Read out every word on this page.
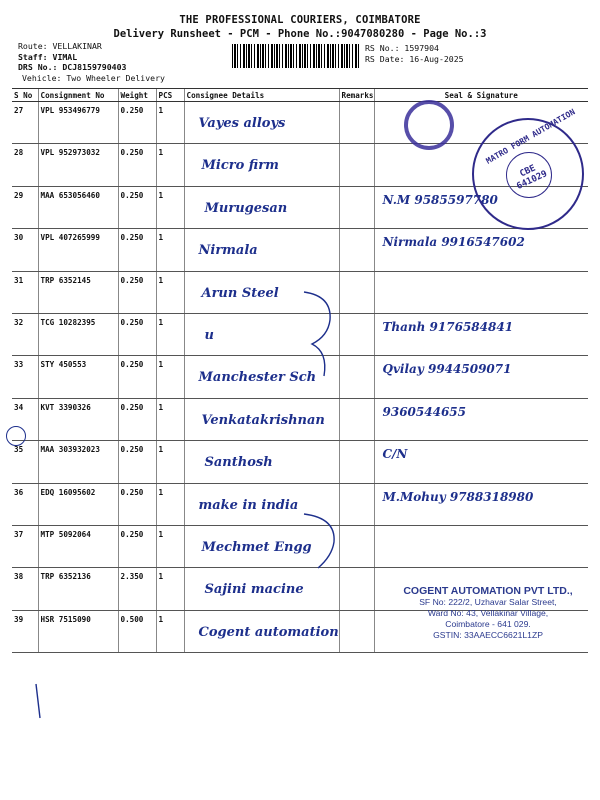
THE PROFESSIONAL COURIERS, COIMBATORE
Delivery Runsheet - PCM - Phone No.:9047080280 - Page No.:3
Route: VELLAKINAR
Staff: VIMAL
DRS No.: DCJ8159790403
Vehicle: Two Wheeler Delivery
RS No.: 1597904
RS Date: 16-Aug-2025
S No	Consignment No	Weight	PCS	Consignee Details	Remarks	Seal & Signature
27	VPL 953496779	0.250	1	Vayes alloys		

28	VPL 952973032	0.250	1	Micro firm		

29	MAA 653056460	0.250	1	Murugesan		N.M 9585597780

30	VPL 407265999	0.250	1	Nirmala		Nirmala 9916547602

31	TRP 6352145	0.250	1	Arun Steel		

32	TCG 10282395	0.250	1	u		Thanh 9176584841

33	STY 450553	0.250	1	Manchester Sch		Qvilay 9944509071

34	KVT 3390326	0.250	1	Venkatakrishnan		9360544655

35	MAA 303932023	0.250	1	Santhosh		C/N

36	EDQ 16095602	0.250	1	make in india		M.Mohuy 9788318980

37	MTP 5092064	0.250	1	Mechmet Engg		

38	TRP 6352136	2.350	1	Sajini macine		

39	HSR 7515090	0.500	1	Cogent automation		

CBE 641029
MATRO FORM AUTOMATION
COGENT AUTOMATION PVT LTD.,
SF No: 222/2, Uzhavar Salar Street,
Ward No: 43, Vellakinar Village,
Coimbatore - 641 029.
GSTIN: 33AAECC6621L1ZP
